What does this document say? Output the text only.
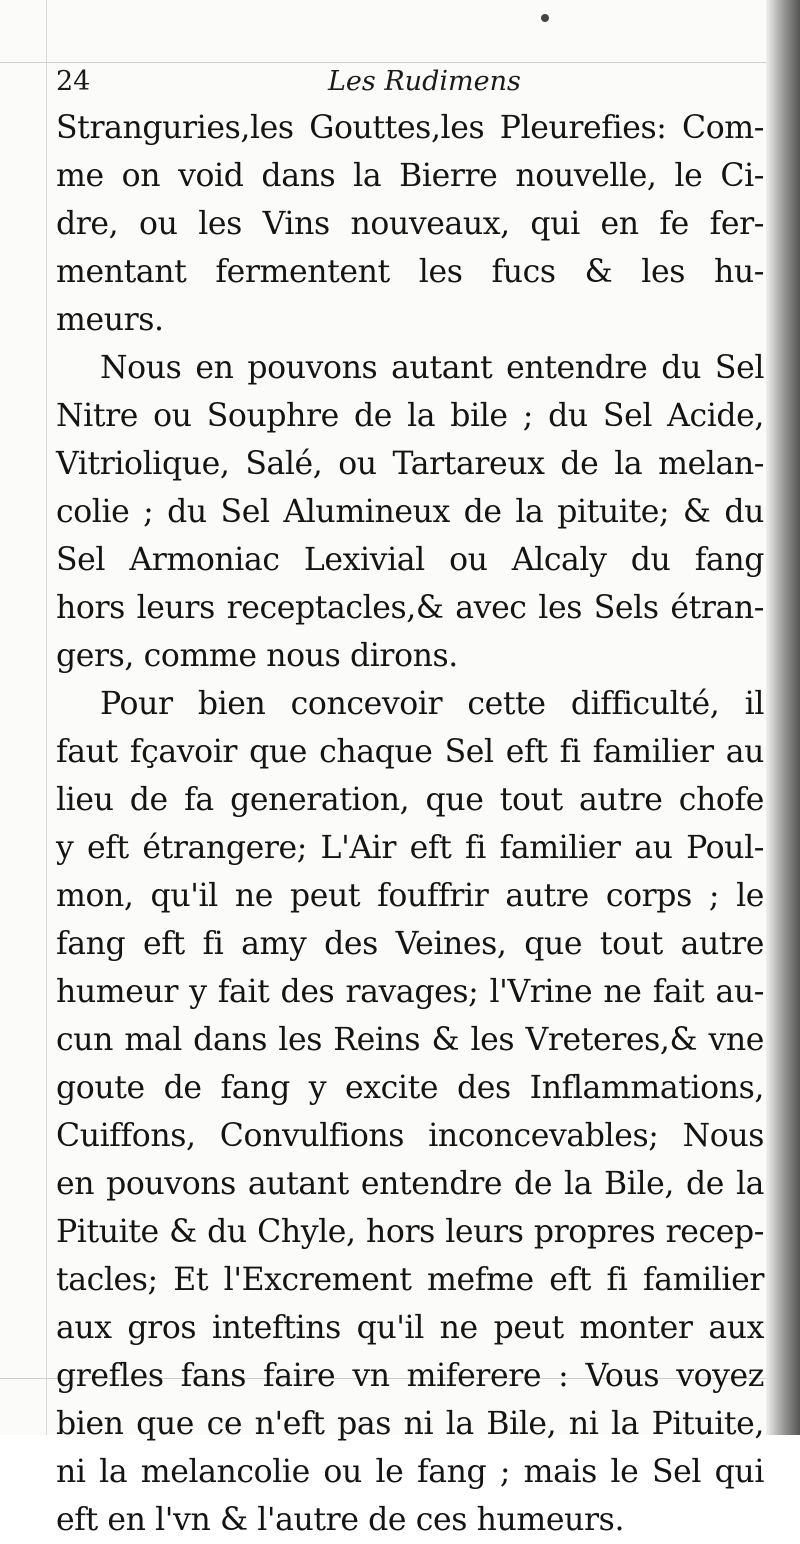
24	Les Rudimens
Stranguries,les Gouttes,les Pleurefies: Com-
me on void dans la Bierre nouvelle, le Ci-
dre, ou les Vins nouveaux, qui en fe fer-
mentant fermentent les fucs & les hu-
meurs.
Nous en pouvons autant entendre du Sel
Nitre ou Souphre de la bile ; du Sel Acide,
Vitriolique, Salé, ou Tartareux de la melan-
colie ; du Sel Alumineux de la pituite; & du
Sel Armoniac Lexivial ou Alcaly du fang
hors leurs receptacles,& avec les Sels étran-
gers, comme nous dirons.
Pour bien concevoir cette difficulté, il
faut fçavoir que chaque Sel eft fi familier au
lieu de fa generation, que tout autre chofe
y eft étrangere; L'Air eft fi familier au Poul-
mon, qu'il ne peut fouffrir autre corps ; le
fang eft fi amy des Veines, que tout autre
humeur y fait des ravages; l'Vrine ne fait au-
cun mal dans les Reins & les Vreteres,& vne
goute de fang y excite des Inflammations,
Cuiffons, Convulfions inconcevables; Nous
en pouvons autant entendre de la Bile, de la
Pituite & du Chyle, hors leurs propres recep-
tacles; Et l'Excrement mefme eft fi familier
aux gros inteftins qu'il ne peut monter aux
grefles fans faire vn miferere : Vous voyez
bien que ce n'eft pas ni la Bile, ni la Pituite,
ni la melancolie ou le fang ; mais le Sel qui
eft en l'vn & l'autre de ces humeurs.
